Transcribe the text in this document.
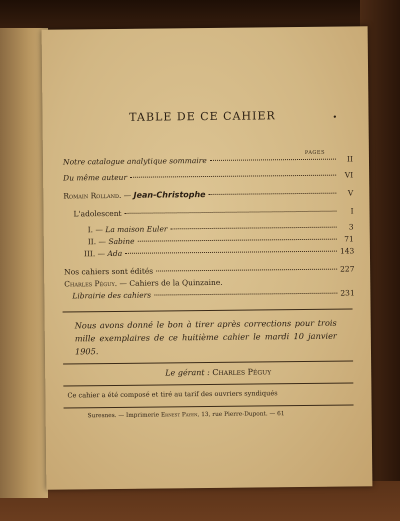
TABLE DE CE CAHIER	•
PAGES
Notre catalogue analytique sommaire	II
Du même auteur	VI
Romain Rolland. — Jean-Christophe	V
L'adolescent	I
I. — La maison Euler	3
II. — Sabine	71
III. — Ada	143
Nos cahiers sont édités	227
Charles Péguy. — Cahiers de la Quinzaine.
Librairie des cahiers	231
Nous avons donné le bon à tirer après corrections pour trois mille exemplaires de ce huitième cahier le mardi 10 janvier 1905.
Le gérant : Charles Péguy
Ce cahier a été composé et tiré au tarif des ouvriers syndiqués
Suresnes. — Imprimerie Ernest Payen, 13, rue Pierre-Dupont. — 61
